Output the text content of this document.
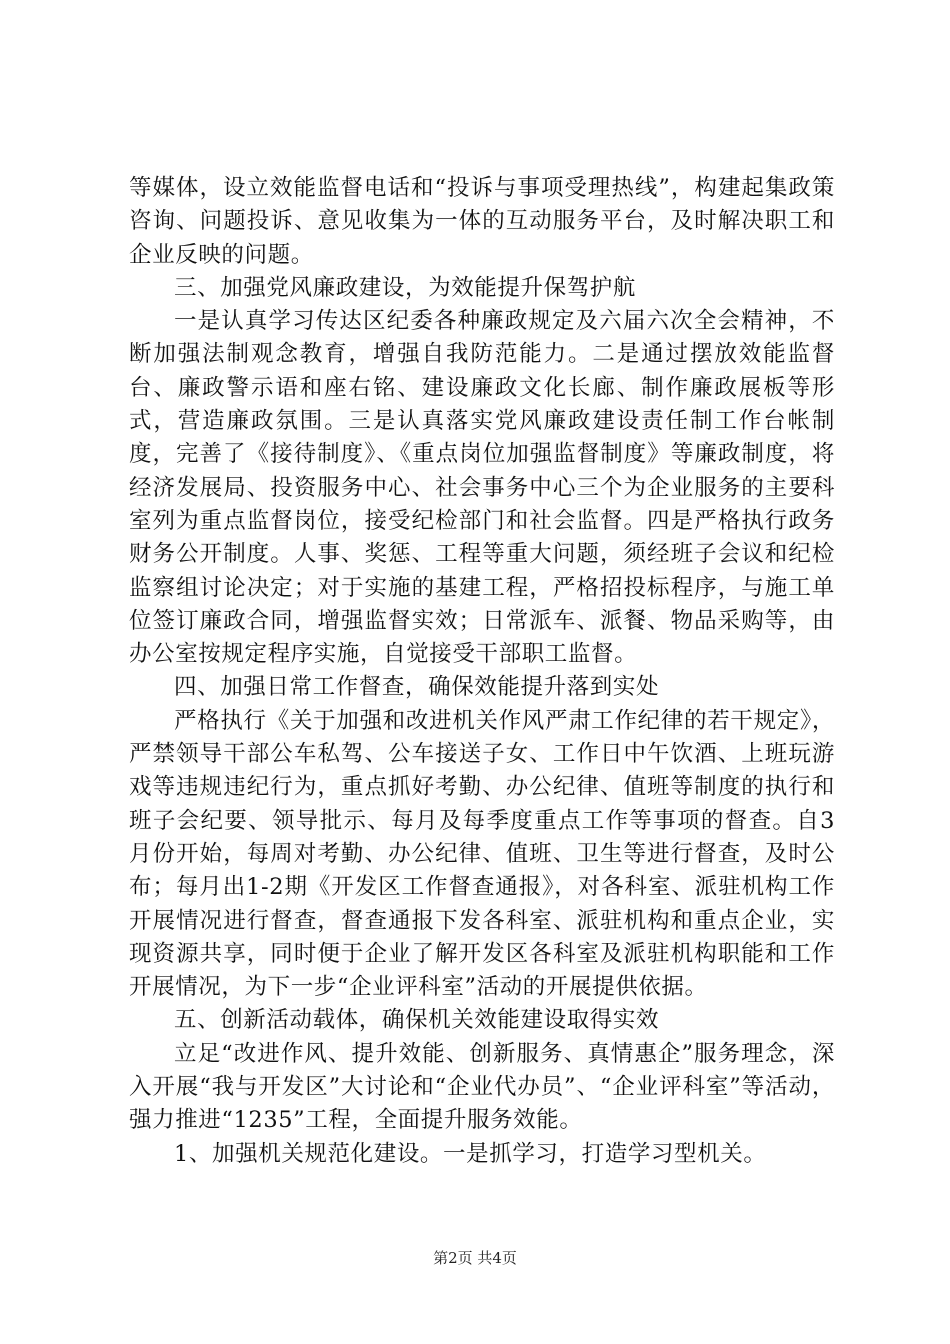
等媒体，设立效能监督电话和“投诉与事项受理热线”，构建起集政策咨询、问题投诉、意见收集为一体的互动服务平台，及时解决职工和企业反映的问题。

三、加强党风廉政建设，为效能提升保驾护航

一是认真学习传达区纪委各种廉政规定及六届六次全会精神，不断加强法制观念教育，增强自我防范能力。二是通过摆放效能监督台、廉政警示语和座右铭、建设廉政文化长廊、制作廉政展板等形式，营造廉政氛围。三是认真落实党风廉政建设责任制工作台帐制度，完善了《接待制度》、《重点岗位加强监督制度》等廉政制度，将经济发展局、投资服务中心、社会事务中心三个为企业服务的主要科室列为重点监督岗位，接受纪检部门和社会监督。四是严格执行政务财务公开制度。人事、奖惩、工程等重大问题，须经班子会议和纪检监察组讨论决定；对于实施的基建工程，严格招投标程序，与施工单位签订廉政合同，增强监督实效；日常派车、派餐、物品采购等，由办公室按规定程序实施，自觉接受干部职工监督。

四、加强日常工作督查，确保效能提升落到实处

严格执行《关于加强和改进机关作风严肃工作纪律的若干规定》，严禁领导干部公车私驾、公车接送子女、工作日中午饮酒、上班玩游戏等违规违纪行为，重点抓好考勤、办公纪律、值班等制度的执行和班子会纪要、领导批示、每月及每季度重点工作等事项的督查。自3月份开始，每周对考勤、办公纪律、值班、卫生等进行督查，及时公布；每月出1-2期《开发区工作督查通报》，对各科室、派驻机构工作开展情况进行督查，督查通报下发各科室、派驻机构和重点企业，实现资源共享，同时便于企业了解开发区各科室及派驻机构职能和工作开展情况，为下一步“企业评科室”活动的开展提供依据。

五、创新活动载体，确保机关效能建设取得实效

立足“改进作风、提升效能、创新服务、真情惠企”服务理念，深入开展“我与开发区”大讨论和“企业代办员”、“企业评科室”等活动，强力推进“1235”工程，全面提升服务效能。

1、加强机关规范化建设。一是抓学习，打造学习型机关。

第2页 共4页
